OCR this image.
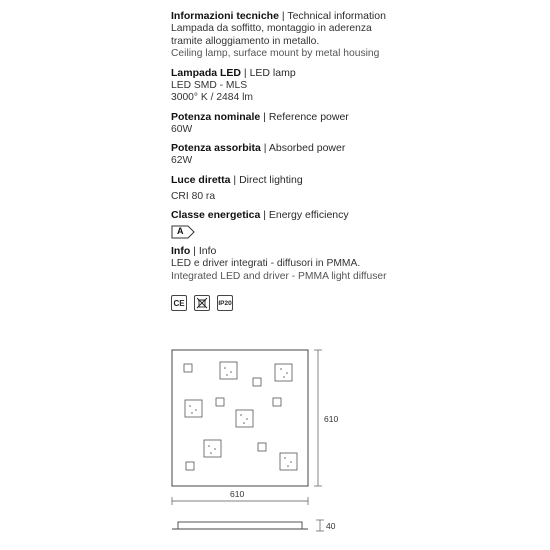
Informazioni tecniche | Technical information

Lampada da soffitto, montaggio in aderenza

tramite alloggiamento in metallo.

Ceiling lamp, surface mount by metal housing

Lampada LED | LED lamp

LED SMD - MLS

3000° K / 2484 lm

Potenza nominale | Reference power

60W

Potenza assorbita | Absorbed power

62W

Luce diretta | Direct lighting

CRI 80 ra

Classe energetica | Energy efficiency

A

Info | Info

LED e driver integrati - diffusori in PMMA.

Integrated LED and driver - PMMA light diffuser

CE	IP20
610
610
40
